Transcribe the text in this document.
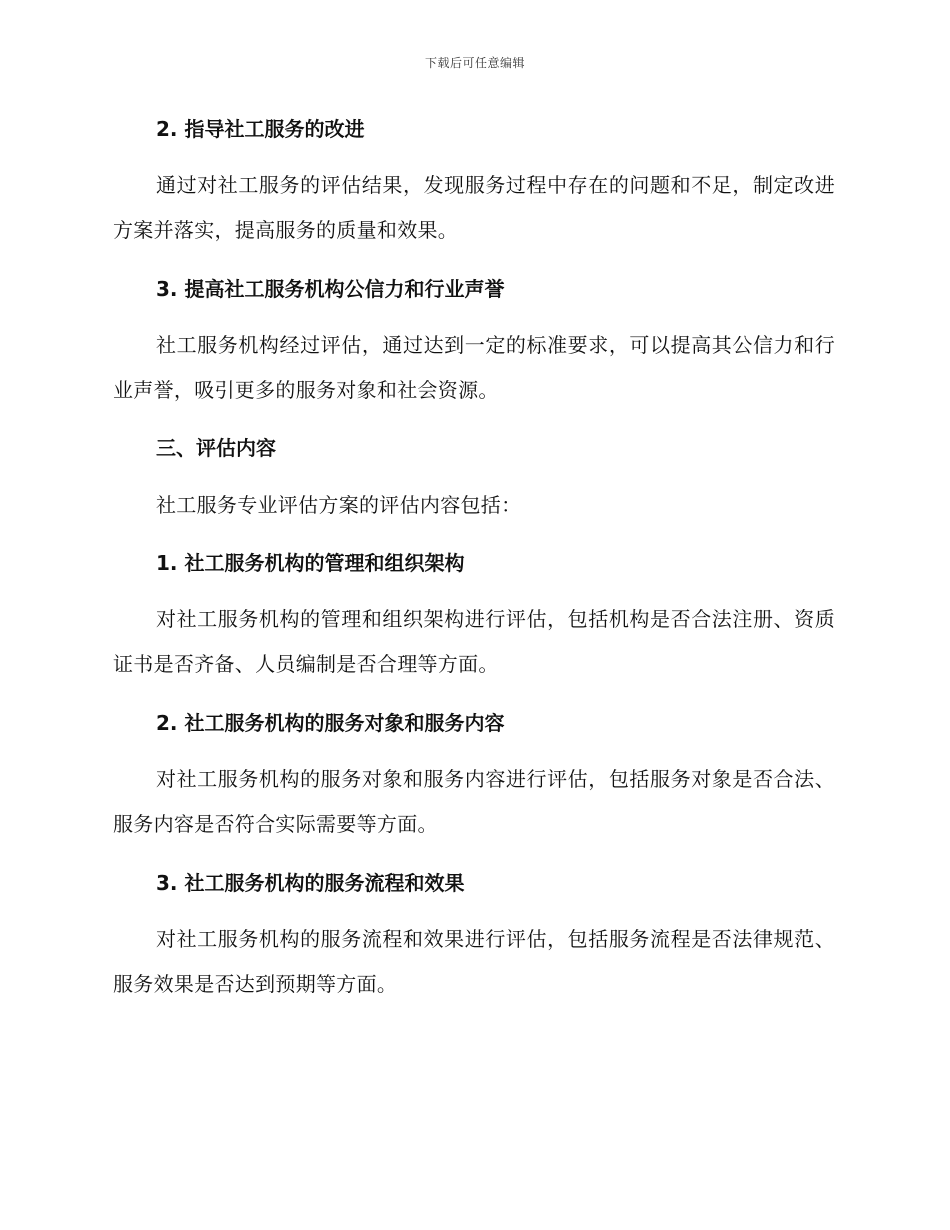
下载后可任意编辑
2. 指导社工服务的改进
通过对社工服务的评估结果，发现服务过程中存在的问题和不足，制定改进方案并落实，提高服务的质量和效果。
3. 提高社工服务机构公信力和行业声誉
社工服务机构经过评估，通过达到一定的标准要求，可以提高其公信力和行业声誉，吸引更多的服务对象和社会资源。
三、评估内容
社工服务专业评估方案的评估内容包括：
1. 社工服务机构的管理和组织架构
对社工服务机构的管理和组织架构进行评估，包括机构是否合法注册、资质证书是否齐备、人员编制是否合理等方面。
2. 社工服务机构的服务对象和服务内容
对社工服务机构的服务对象和服务内容进行评估，包括服务对象是否合法、服务内容是否符合实际需要等方面。
3. 社工服务机构的服务流程和效果
对社工服务机构的服务流程和效果进行评估，包括服务流程是否法律规范、服务效果是否达到预期等方面。
